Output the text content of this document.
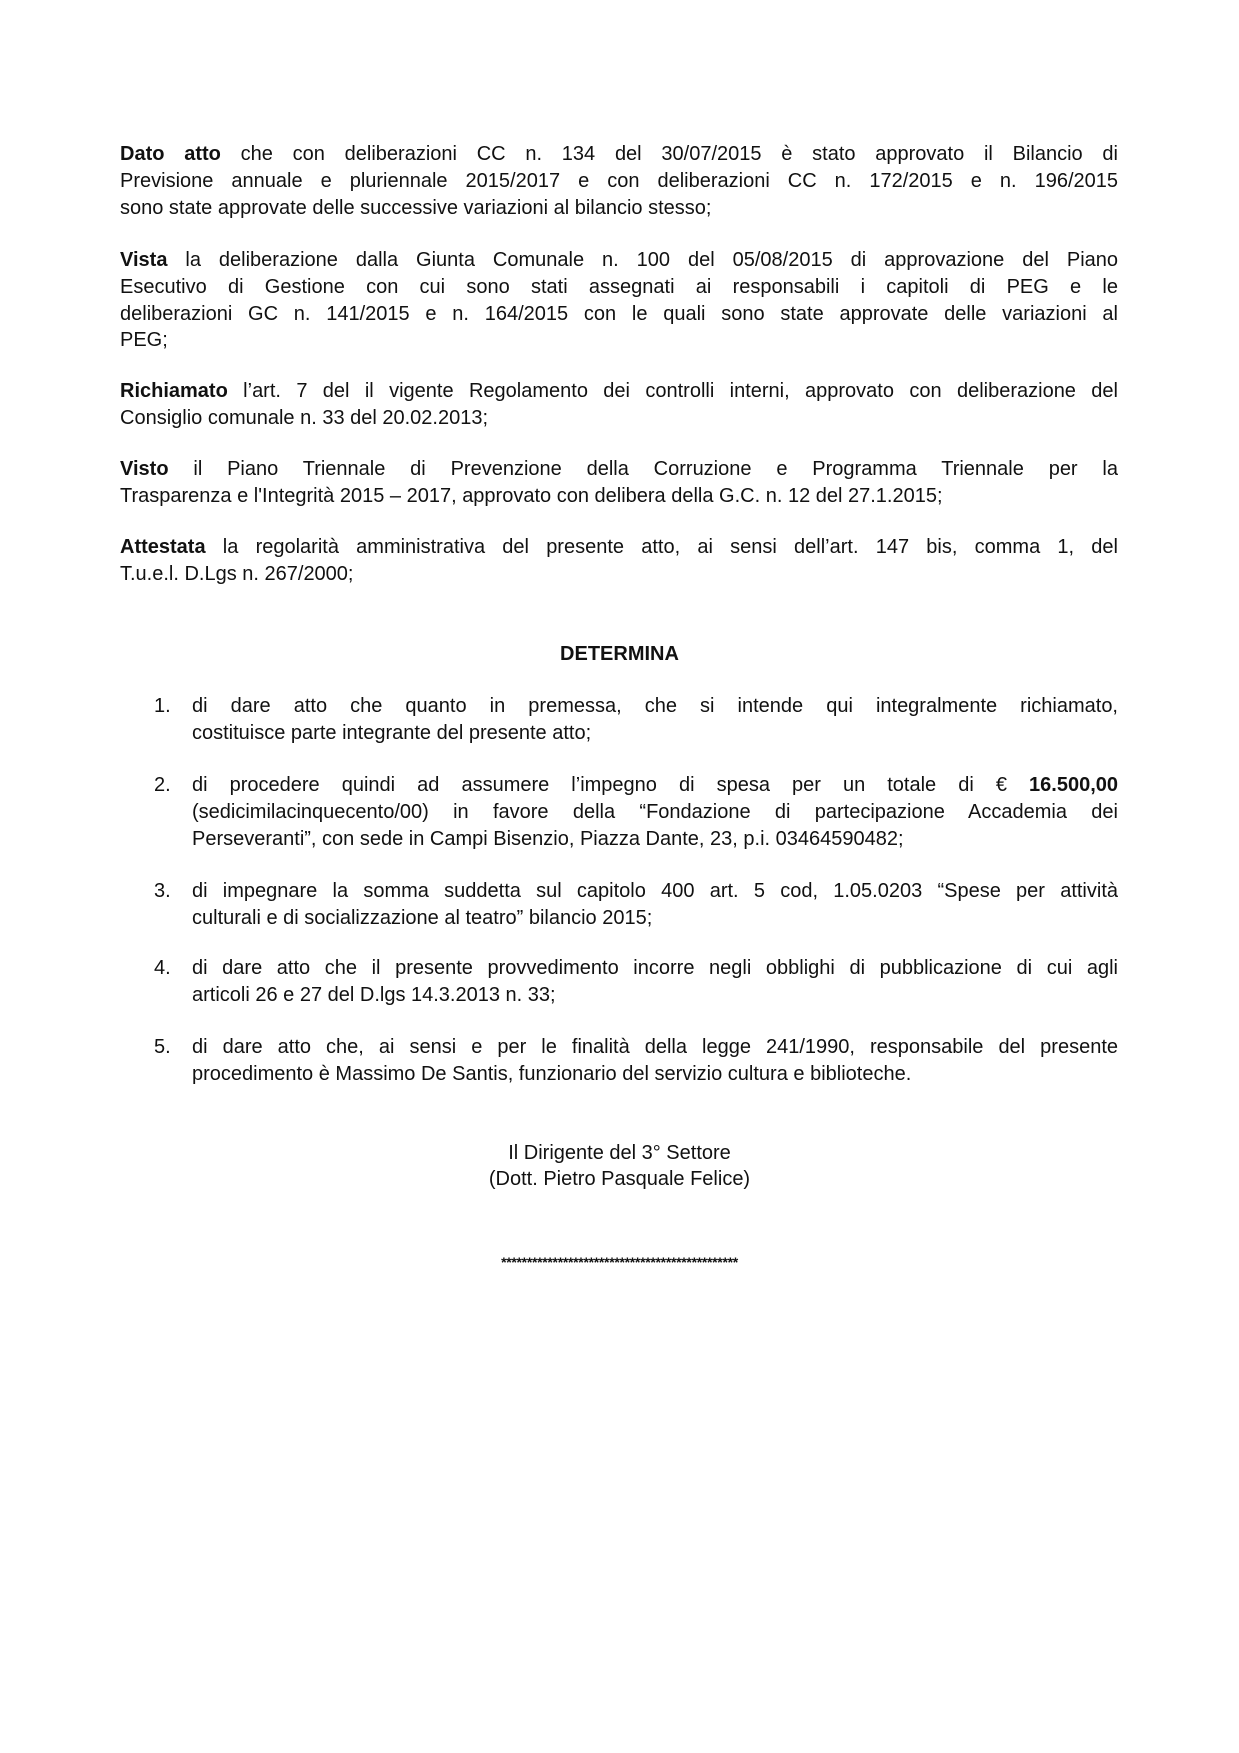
Dato atto che con deliberazioni CC n. 134 del 30/07/2015 è stato approvato il Bilancio di
Previsione annuale e pluriennale 2015/2017 e con deliberazioni CC n. 172/2015 e n. 196/2015
sono state approvate delle successive variazioni al bilancio stesso;
Vista la deliberazione dalla Giunta Comunale n. 100 del 05/08/2015 di approvazione del Piano
Esecutivo di Gestione con cui sono stati assegnati ai responsabili i capitoli di PEG e le
deliberazioni GC n. 141/2015 e n. 164/2015 con le quali sono state approvate delle variazioni al
PEG;
Richiamato l’art. 7 del il vigente Regolamento dei controlli interni, approvato con deliberazione del
Consiglio comunale n. 33 del 20.02.2013;
Visto il Piano Triennale di Prevenzione della Corruzione e Programma Triennale per la
Trasparenza e l'Integrità 2015 – 2017, approvato con delibera della G.C. n. 12 del 27.1.2015;
Attestata la regolarità amministrativa del presente atto, ai sensi dell’art. 147 bis, comma 1, del
T.u.e.l. D.Lgs n. 267/2000;
DETERMINA
1. di dare atto che quanto in premessa, che si intende qui integralmente richiamato,
costituisce parte integrante del presente atto;
2. di procedere quindi ad assumere l’impegno di spesa per un totale di € 16.500,00
(sedicimilacinquecento/00) in favore della “Fondazione di partecipazione Accademia dei
Perseveranti”, con sede in Campi Bisenzio, Piazza Dante, 23, p.i. 03464590482;
3. di impegnare la somma suddetta sul capitolo 400 art. 5 cod, 1.05.0203 “Spese per attività
culturali e di socializzazione al teatro” bilancio 2015;
4. di dare atto che il presente provvedimento incorre negli obblighi di pubblicazione di cui agli
articoli 26 e 27 del D.lgs 14.3.2013 n. 33;
5. di dare atto che, ai sensi e per le finalità della legge 241/1990, responsabile del presente
procedimento è Massimo De Santis, funzionario del servizio cultura e biblioteche.
Il Dirigente del 3° Settore
(Dott. Pietro Pasquale Felice)
**********************************************
